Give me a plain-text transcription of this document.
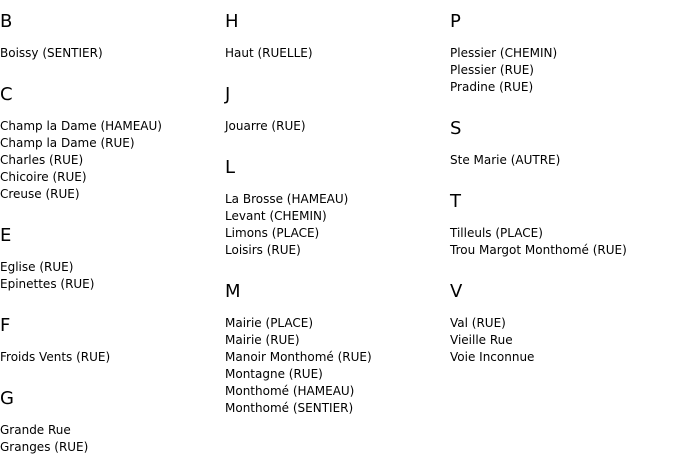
B
Boissy (SENTIER)
C
Champ la Dame (HAMEAU)
Champ la Dame (RUE)
Charles (RUE)
Chicoire (RUE)
Creuse (RUE)
E
Eglise (RUE)
Epinettes (RUE)
F
Froids Vents (RUE)
G
Grande Rue
Granges (RUE)
H
Haut (RUELLE)
J
Jouarre (RUE)
L
La Brosse (HAMEAU)
Levant (CHEMIN)
Limons (PLACE)
Loisirs (RUE)
M
Mairie (PLACE)
Mairie (RUE)
Manoir Monthomé (RUE)
Montagne (RUE)
Monthomé (HAMEAU)
Monthomé (SENTIER)
P
Plessier (CHEMIN)
Plessier (RUE)
Pradine (RUE)
S
Ste Marie (AUTRE)
T
Tilleuls (PLACE)
Trou Margot Monthomé (RUE)
V
Val (RUE)
Vieille Rue
Voie Inconnue
